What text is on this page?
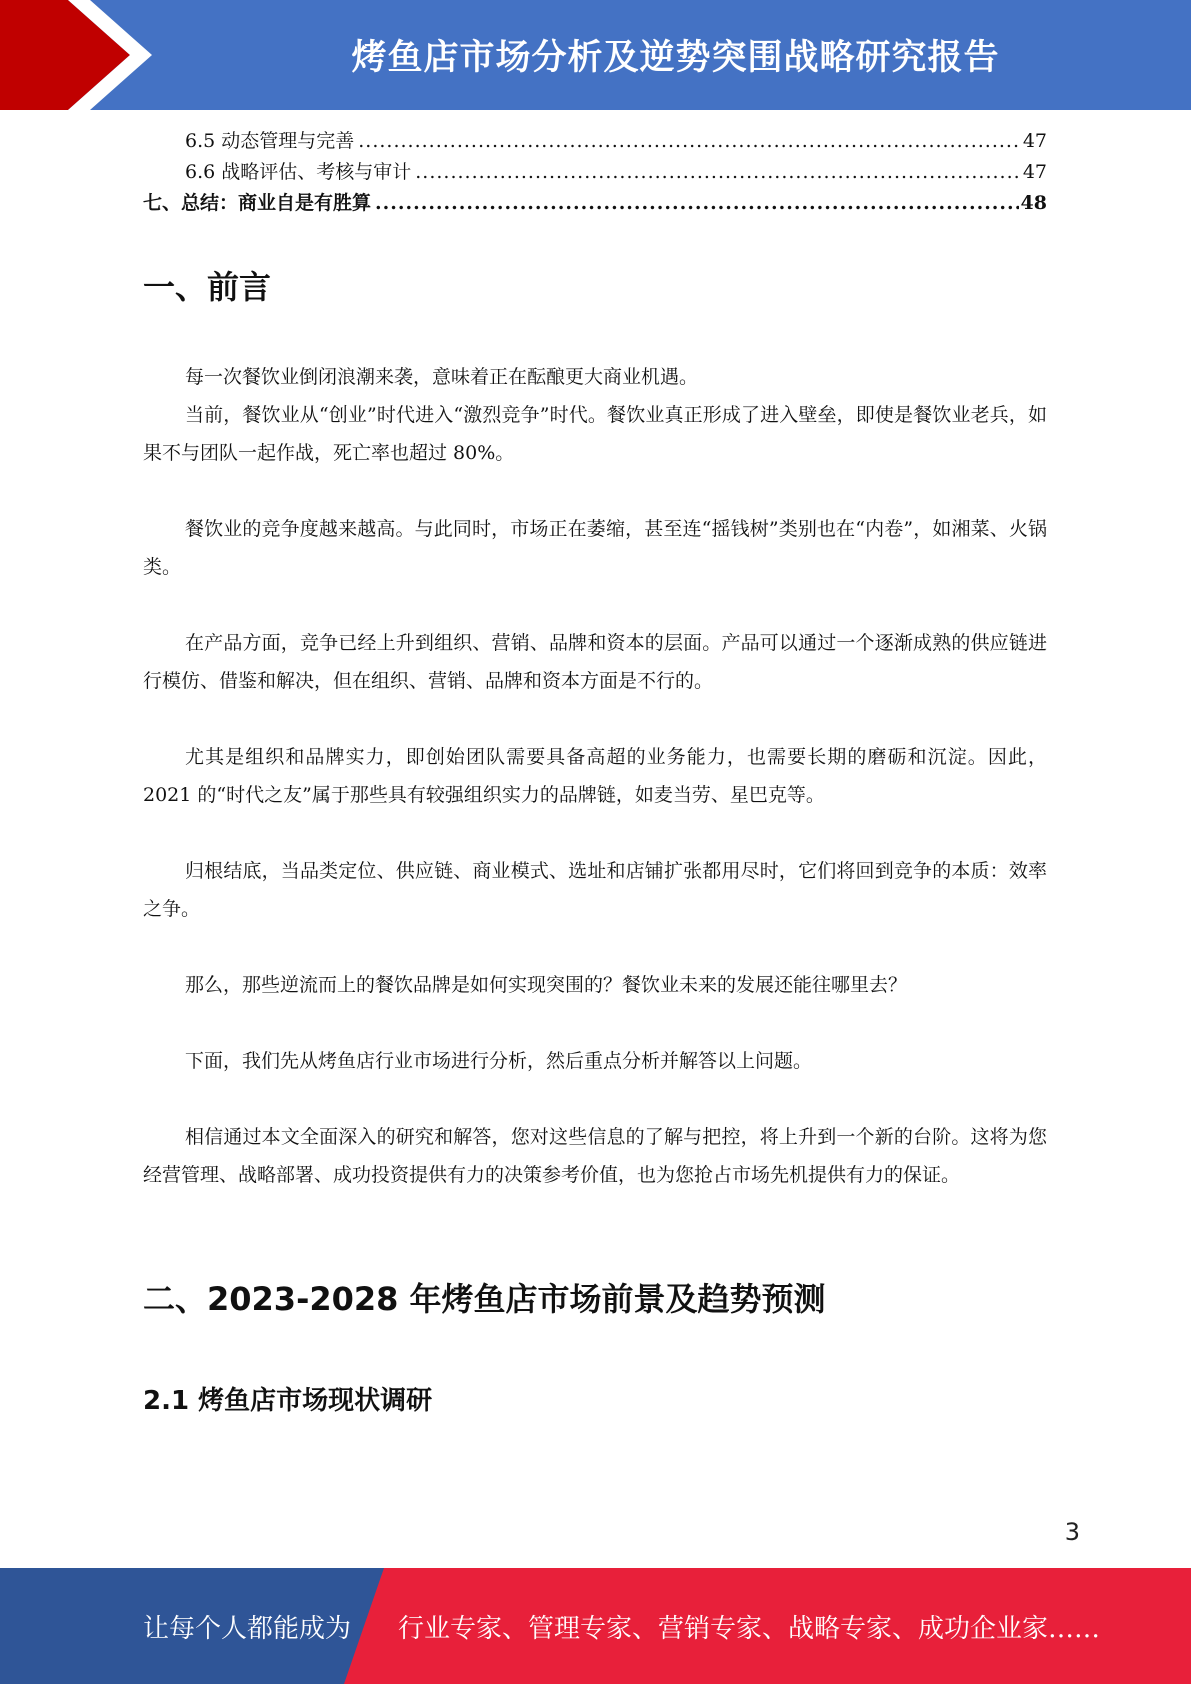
烤鱼店市场分析及逆势突围战略研究报告
6.5 动态管理与完善 .....	47
6.6 战略评估、考核与审计 .....	47
七、总结：商业自是有胜算 .....	48
一、前言

每一次餐饮业倒闭浪潮来袭，意味着正在酝酿更大商业机遇。

当前，餐饮业从“创业”时代进入“激烈竞争”时代。餐饮业真正形成了进入壁垒，即使是餐饮业老兵，如果不与团队一起作战，死亡率也超过 80%。

餐饮业的竞争度越来越高。与此同时，市场正在萎缩，甚至连“摇钱树”类别也在“内卷”，如湘菜、火锅类。

在产品方面，竞争已经上升到组织、营销、品牌和资本的层面。产品可以通过一个逐渐成熟的供应链进行模仿、借鉴和解决，但在组织、营销、品牌和资本方面是不行的。

尤其是组织和品牌实力，即创始团队需要具备高超的业务能力，也需要长期的磨砺和沉淀。因此，2021 的“时代之友”属于那些具有较强组织实力的品牌链，如麦当劳、星巴克等。

归根结底，当品类定位、供应链、商业模式、选址和店铺扩张都用尽时，它们将回到竞争的本质：效率之争。

那么，那些逆流而上的餐饮品牌是如何实现突围的？餐饮业未来的发展还能往哪里去？

下面，我们先从烤鱼店行业市场进行分析，然后重点分析并解答以上问题。

相信通过本文全面深入的研究和解答，您对这些信息的了解与把控，将上升到一个新的台阶。这将为您经营管理、战略部署、成功投资提供有力的决策参考价值，也为您抢占市场先机提供有力的保证。

二、2023-2028 年烤鱼店市场前景及趋势预测
2.1 烤鱼店市场现状调研
3
让每个人都能成为 行业专家、管理专家、营销专家、战略专家、成功企业家……
